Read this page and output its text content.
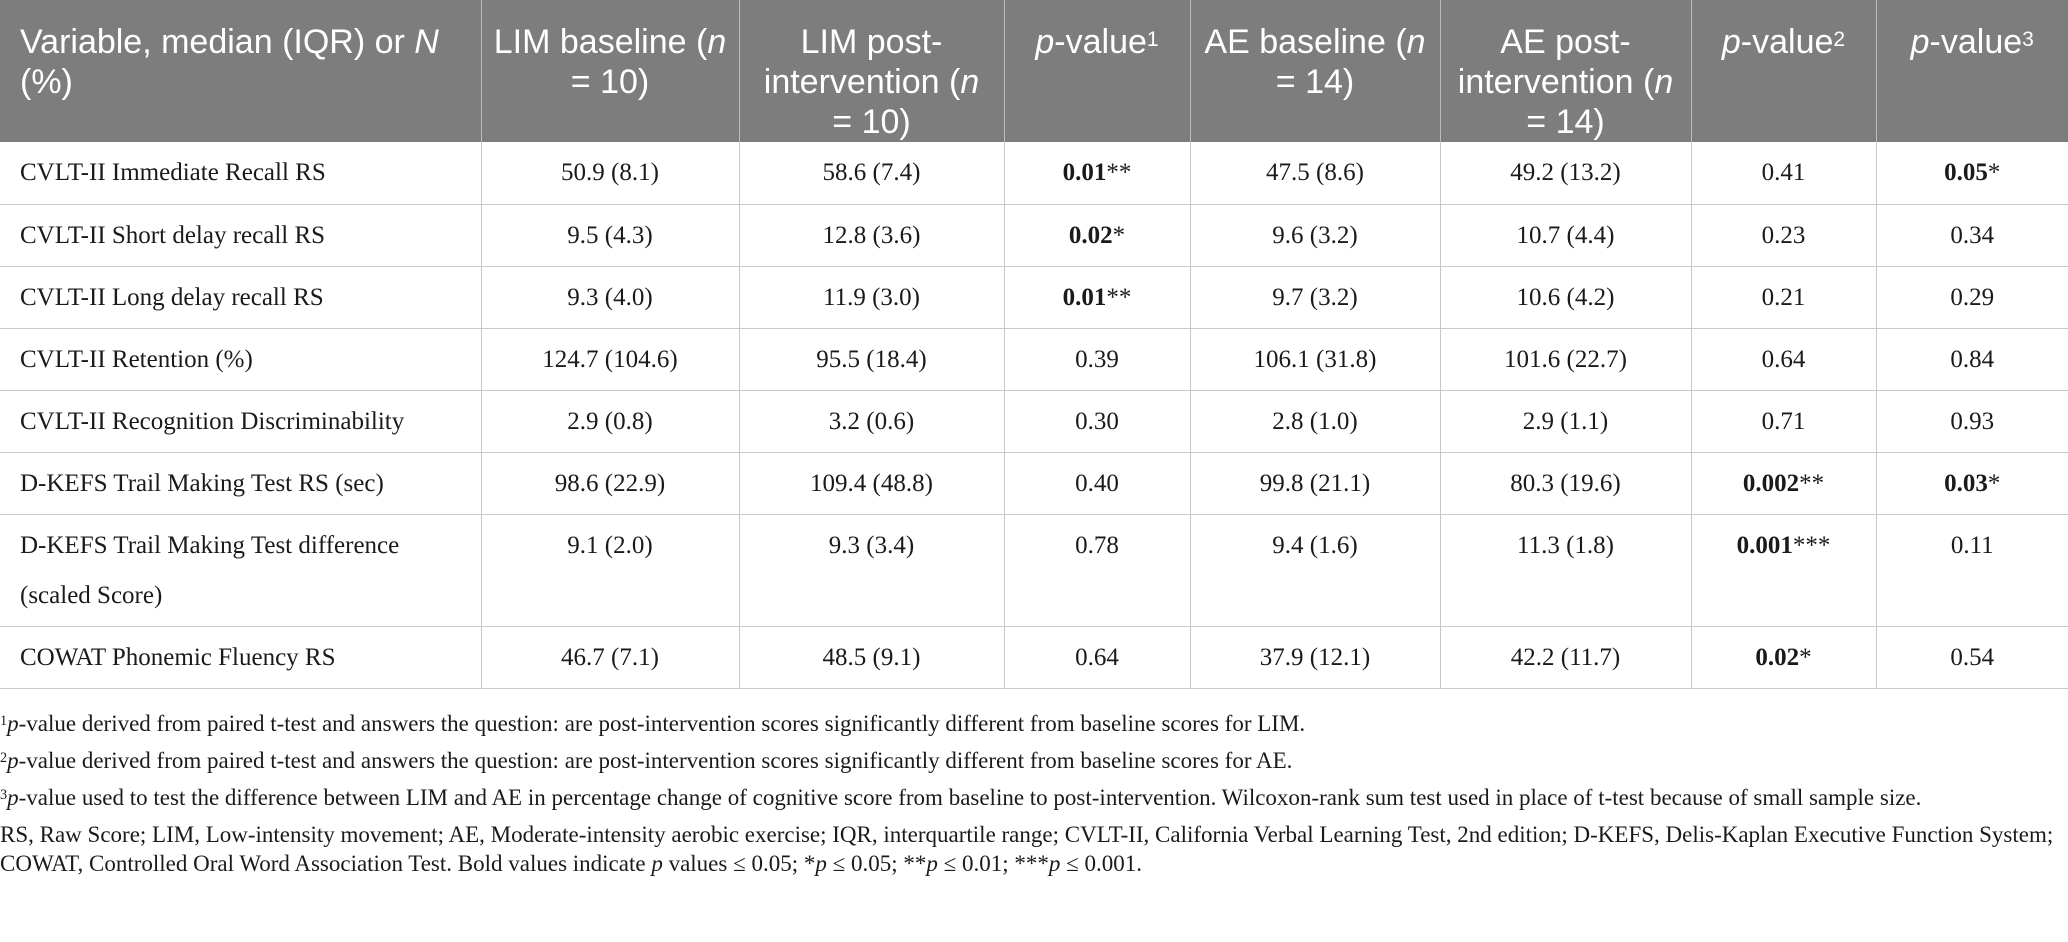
Variable, median (IQR) or N (%)	LIM baseline (n = 10)	LIM post-intervention (n = 10)	p-value$^1$	AE baseline (n = 14)	AE post-intervention (n = 14)	p-value$^2$	p-value$^3$
CVLT-II Immediate Recall RS	50.9 (8.1)	58.6 (7.4)	0.01**	47.5 (8.6)	49.2 (13.2)	0.41	0.05*
CVLT-II Short delay recall RS	9.5 (4.3)	12.8 (3.6)	0.02*	9.6 (3.2)	10.7 (4.4)	0.23	0.34
CVLT-II Long delay recall RS	9.3 (4.0)	11.9 (3.0)	0.01**	9.7 (3.2)	10.6 (4.2)	0.21	0.29
CVLT-II Retention (%)	124.7 (104.6)	95.5 (18.4)	0.39	106.1 (31.8)	101.6 (22.7)	0.64	0.84
CVLT-II Recognition Discriminability	2.9 (0.8)	3.2 (0.6)	0.30	2.8 (1.0)	2.9 (1.1)	0.71	0.93
D-KEFS Trail Making Test RS (sec)	98.6 (22.9)	109.4 (48.8)	0.40	99.8 (21.1)	80.3 (19.6)	0.002**	0.03*
D-KEFS Trail Making Test difference (scaled Score)	9.1 (2.0)	9.3 (3.4)	0.78	9.4 (1.6)	11.3 (1.8)	0.001***	0.11
COWAT Phonemic Fluency RS	46.7 (7.1)	48.5 (9.1)	0.64	37.9 (12.1)	42.2 (11.7)	0.02*	0.54

$^1$p-value derived from paired t-test and answers the question: are post-intervention scores significantly different from baseline scores for LIM.

$^2$p-value derived from paired t-test and answers the question: are post-intervention scores significantly different from baseline scores for AE.

$^3$p-value used to test the difference between LIM and AE in percentage change of cognitive score from baseline to post-intervention. Wilcoxon-rank sum test used in place of t-test because of small sample size.

RS, Raw Score; LIM, Low-intensity movement; AE, Moderate-intensity aerobic exercise; IQR, interquartile range; CVLT-II, California Verbal Learning Test, 2nd edition; D-KEFS, Delis-Kaplan Executive Function System; COWAT, Controlled Oral Word Association Test. Bold values indicate p values ≤ 0.05; *p ≤ 0.05; **p ≤ 0.01; ***p ≤ 0.001.
